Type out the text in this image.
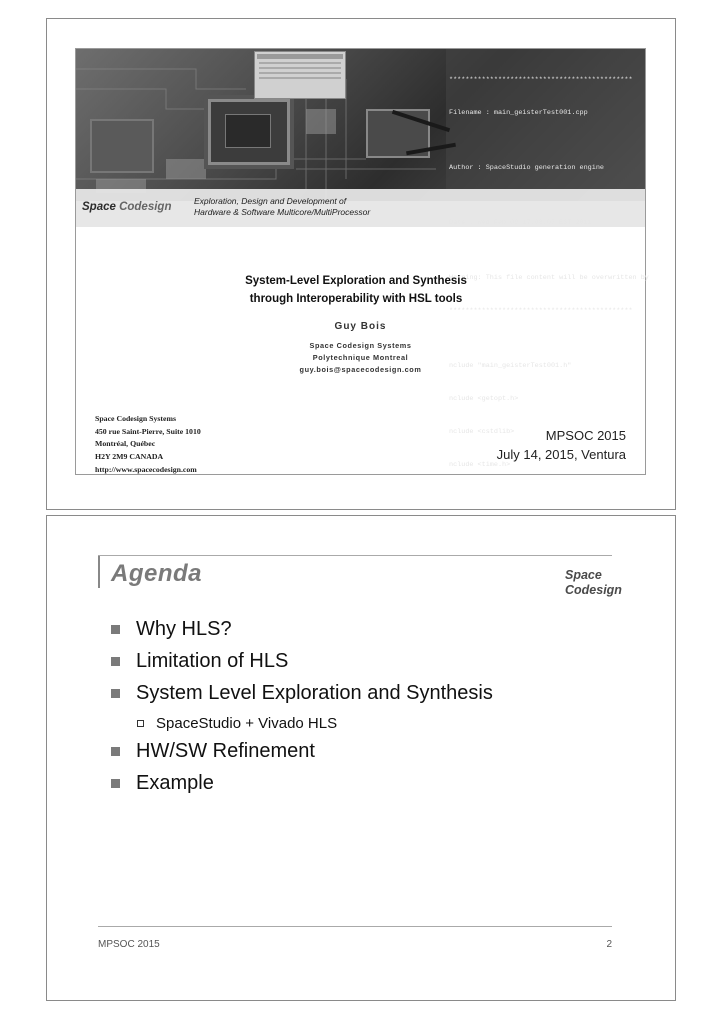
*********************************************

Filename : main_geisterTest001.cpp

Author : SpaceStudio generation engine

Warning: This file content will be overwritten by

*********************************************

nclude "main_geisterTest001.h"

nclude <getopt.h>

nclude <cstdlib>

nclude <time.h>

Space Codesign	Exploration, Design and Development of
Hardware & Software Multicore/MultiProcessor
System-Level Exploration and Synthesis
through Interoperability with HSL tools
Guy Bois
Space Codesign Systems
Polytechnique Montreal
guy.bois@spacecodesign.com
Space Codesign Systems
450 rue Saint-Pierre, Suite 1010
Montréal, Québec
H2Y 2M9 CANADA
http://www.spacecodesign.com
MPSOC 2015
July 14, 2015, Ventura
Agenda	Space
Codesign
Why HLS?
Limitation of HLS
System Level Exploration and Synthesis
SpaceStudio + Vivado HLS
HW/SW Refinement
Example
MPSOC 2015	2
